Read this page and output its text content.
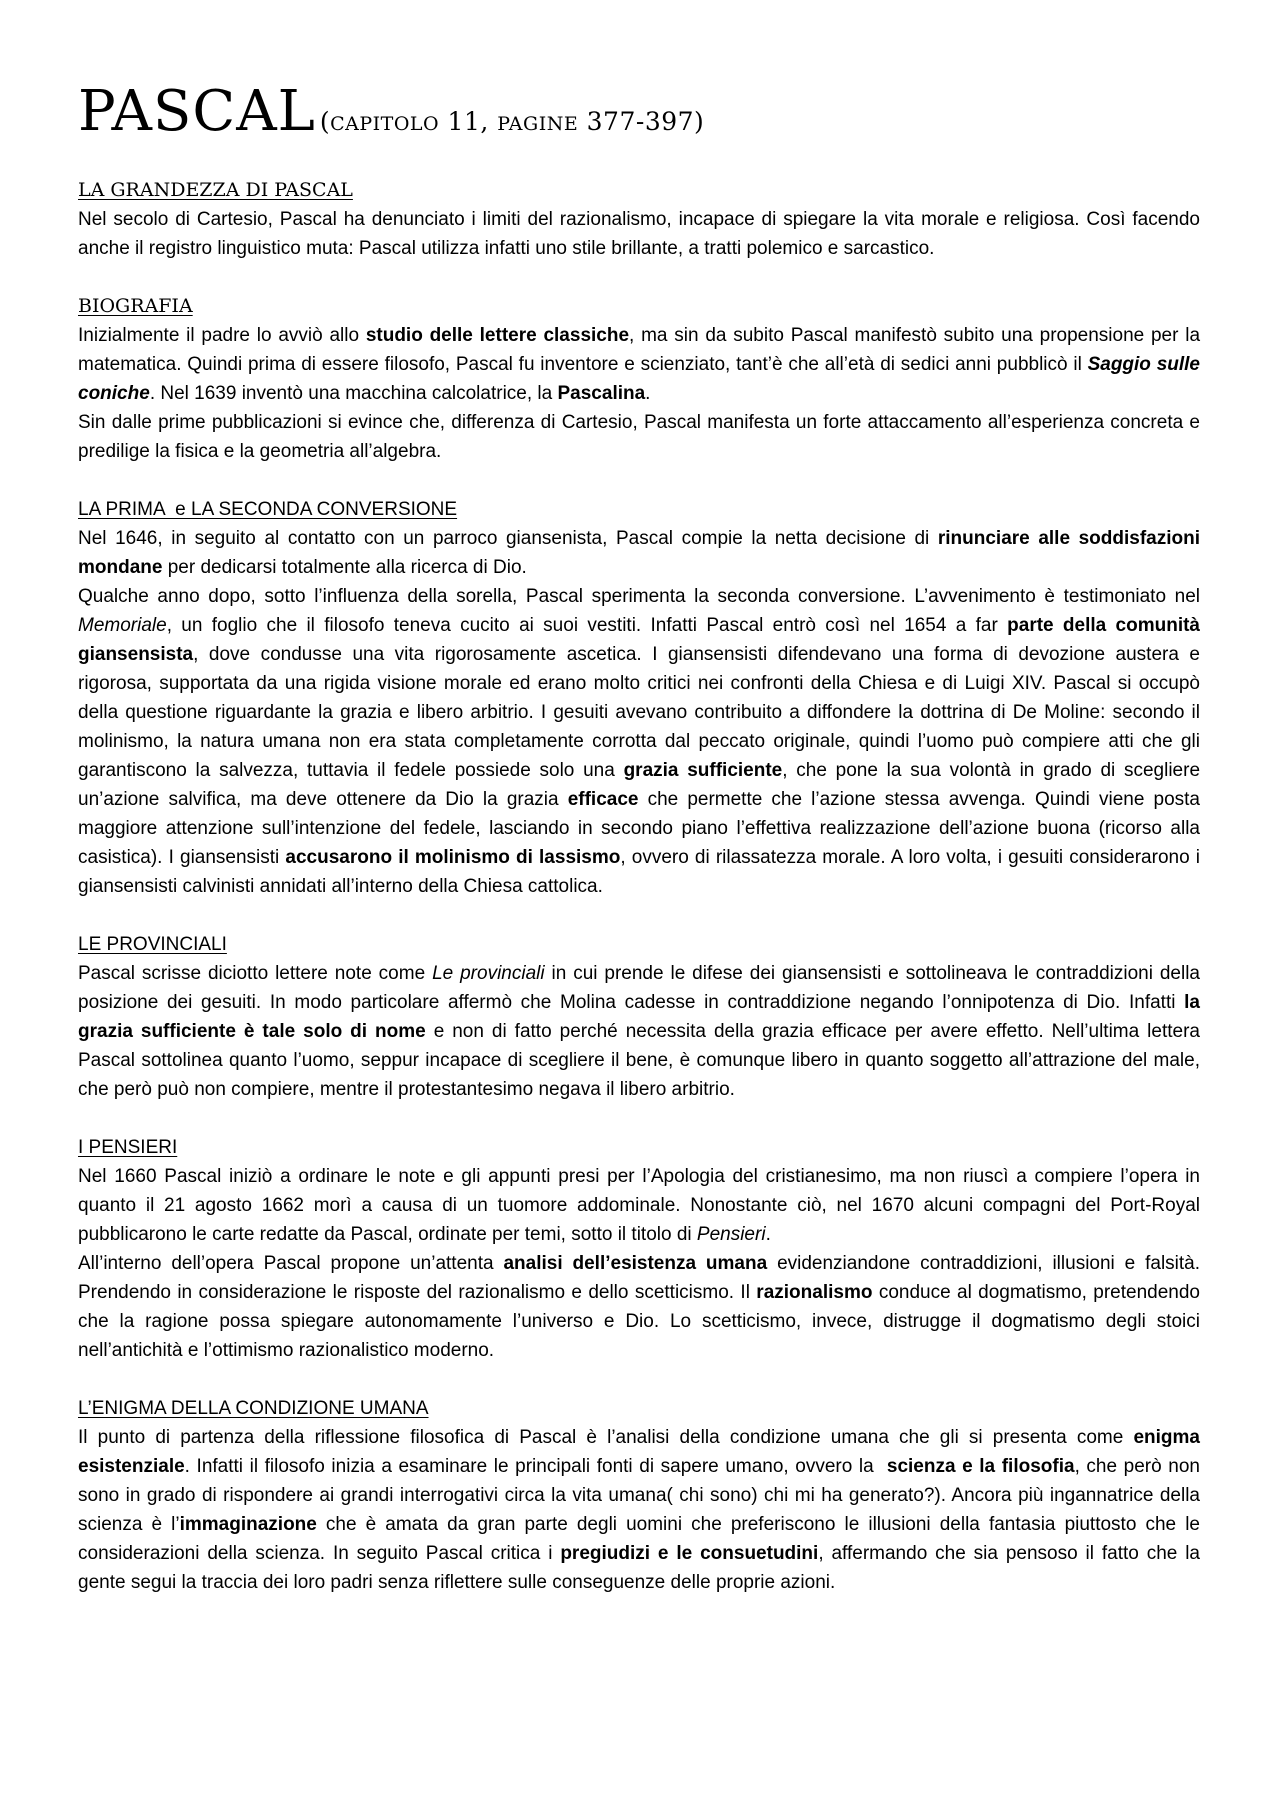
PASCAL (CAPITOLO 11, PAGINE 377-397)
LA GRANDEZZA DI PASCAL

Nel secolo di Cartesio, Pascal ha denunciato i limiti del razionalismo, incapace di spiegare la vita morale e religiosa. Così facendo anche il registro linguistico muta: Pascal utilizza infatti uno stile brillante, a tratti polemico e sarcastico.

BIOGRAFIA

Inizialmente il padre lo avviò allo studio delle lettere classiche, ma sin da subito Pascal manifestò subito una propensione per la matematica. Quindi prima di essere filosofo, Pascal fu inventore e scienziato, tant’è che all’età di sedici anni pubblicò il Saggio sulle coniche. Nel 1639 inventò una macchina calcolatrice, la Pascalina.

Sin dalle prime pubblicazioni si evince che, differenza di Cartesio, Pascal manifesta un forte attaccamento all’esperienza concreta e predilige la fisica e la geometria all’algebra.

LA PRIMA  e LA SECONDA CONVERSIONE

Nel 1646, in seguito al contatto con un parroco giansenista, Pascal compie la netta decisione di rinunciare alle soddisfazioni mondane per dedicarsi totalmente alla ricerca di Dio.

Qualche anno dopo, sotto l’influenza della sorella, Pascal sperimenta la seconda conversione. L’avvenimento è testimoniato nel Memoriale, un foglio che il filosofo teneva cucito ai suoi vestiti. Infatti Pascal entrò così nel 1654 a far parte della comunità giansensista, dove condusse una vita rigorosamente ascetica. I giansensisti difendevano una forma di devozione austera e rigorosa, supportata da una rigida visione morale ed erano molto critici nei confronti della Chiesa e di Luigi XIV. Pascal si occupò della questione riguardante la grazia e libero arbitrio. I gesuiti avevano contribuito a diffondere la dottrina di De Moline: secondo il molinismo, la natura umana non era stata completamente corrotta dal peccato originale, quindi l’uomo può compiere atti che gli garantiscono la salvezza, tuttavia il fedele possiede solo una grazia sufficiente, che pone la sua volontà in grado di scegliere un’azione salvifica, ma deve ottenere da Dio la grazia efficace che permette che l’azione stessa avvenga. Quindi viene posta maggiore attenzione sull’intenzione del fedele, lasciando in secondo piano l’effettiva realizzazione dell’azione buona (ricorso alla casistica). I giansensisti accusarono il molinismo di lassismo, ovvero di rilassatezza morale. A loro volta, i gesuiti considerarono i giansensisti calvinisti annidati all’interno della Chiesa cattolica.

LE PROVINCIALI

Pascal scrisse diciotto lettere note come Le provinciali in cui prende le difese dei giansensisti e sottolineava le contraddizioni della posizione dei gesuiti. In modo particolare affermò che Molina cadesse in contraddizione negando l’onnipotenza di Dio. Infatti la grazia sufficiente è tale solo di nome e non di fatto perché necessita della grazia efficace per avere effetto. Nell’ultima lettera Pascal sottolinea quanto l’uomo, seppur incapace di scegliere il bene, è comunque libero in quanto soggetto all’attrazione del male, che però può non compiere, mentre il protestantesimo negava il libero arbitrio.

I PENSIERI

Nel 1660 Pascal iniziò a ordinare le note e gli appunti presi per l’Apologia del cristianesimo, ma non riuscì a compiere l’opera in quanto il 21 agosto 1662 morì a causa di un tuomore addominale. Nonostante ciò, nel 1670 alcuni compagni del Port-Royal pubblicarono le carte redatte da Pascal, ordinate per temi, sotto il titolo di Pensieri.

All’interno dell’opera Pascal propone un’attenta analisi dell’esistenza umana evidenziandone contraddizioni, illusioni e falsità. Prendendo in considerazione le risposte del razionalismo e dello scetticismo. Il razionalismo conduce al dogmatismo, pretendendo che la ragione possa spiegare autonomamente l’universo e Dio. Lo scetticismo, invece, distrugge il dogmatismo degli stoici nell’antichità e l’ottimismo razionalistico moderno.

L’ENIGMA DELLA CONDIZIONE UMANA

Il punto di partenza della riflessione filosofica di Pascal è l’analisi della condizione umana che gli si presenta come enigma esistenziale. Infatti il filosofo inizia a esaminare le principali fonti di sapere umano, ovvero la  scienza e la filosofia, che però non sono in grado di rispondere ai grandi interrogativi circa la vita umana( chi sono) chi mi ha generato?). Ancora più ingannatrice della scienza è l’immaginazione che è amata da gran parte degli uomini che preferiscono le illusioni della fantasia piuttosto che le considerazioni della scienza. In seguito Pascal critica i pregiudizi e le consuetudini, affermando che sia pensoso il fatto che la gente segui la traccia dei loro padri senza riflettere sulle conseguenze delle proprie azioni.
